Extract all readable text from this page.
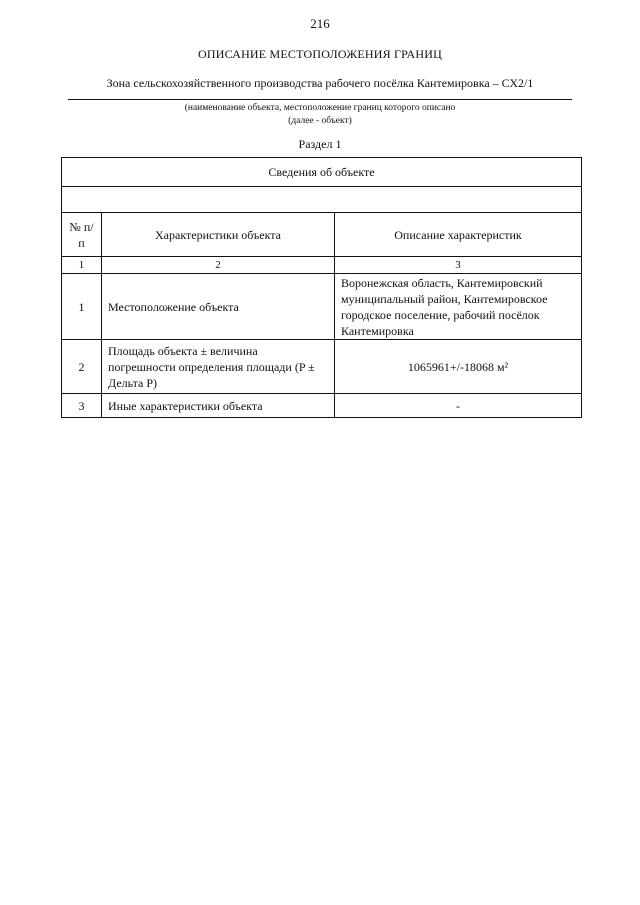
216
ОПИСАНИЕ МЕСТОПОЛОЖЕНИЯ ГРАНИЦ
Зона сельскохозяйственного производства рабочего посёлка Кантемировка – СХ2/1
(наименование объекта, местоположение границ которого описано
(далее - объект)
Раздел 1
Сведения об объекте		

№ п/п	Характеристики объекта	Описание характеристик
1	2	3
1	Местоположение объекта	Воронежская область, Кантемировский муниципальный район, Кантемировское городское поселение, рабочий посёлок Кантемировка
2	Площадь объекта ± величина погрешности определения площади (P ± Дельта P)	1065961+/-18068 м²
3	Иные характеристики объекта	-
